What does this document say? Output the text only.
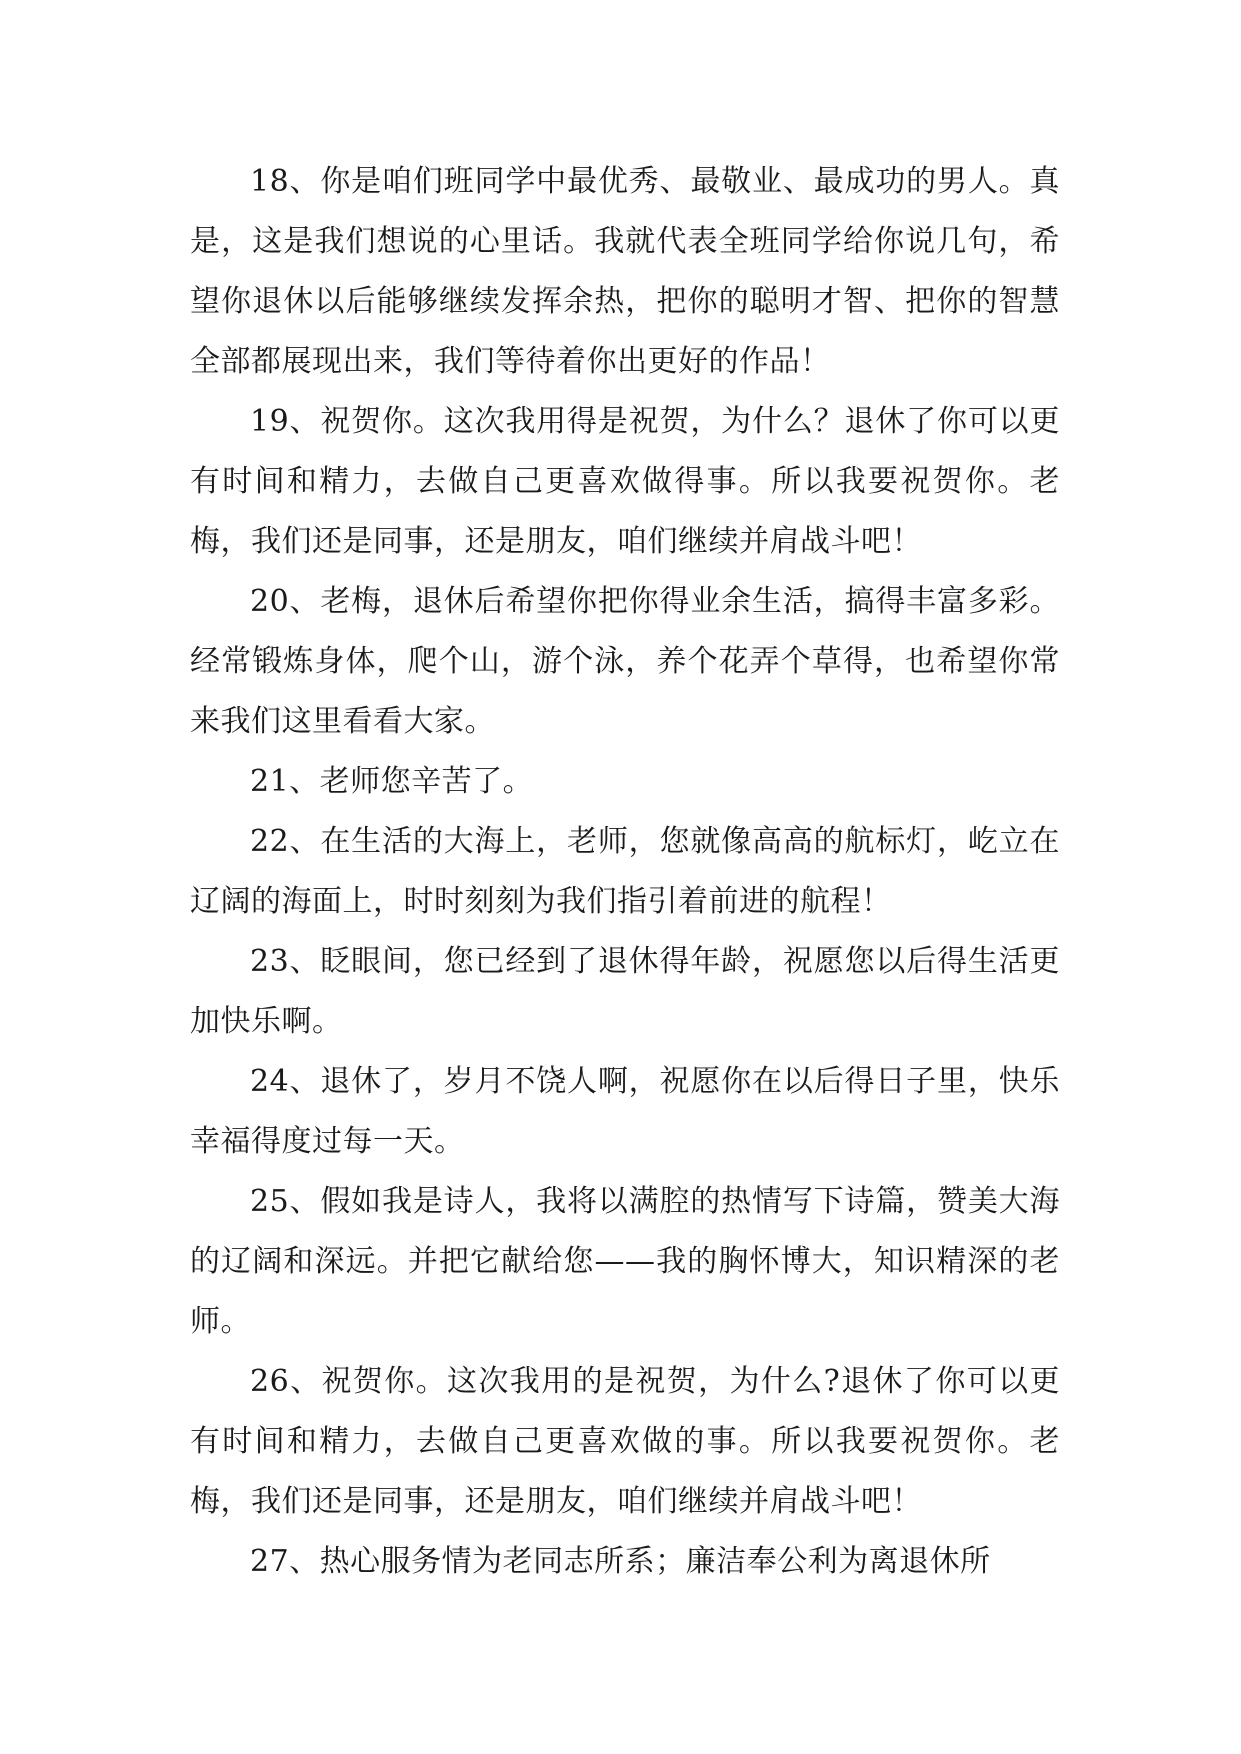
18、你是咱们班同学中最优秀、最敬业、最成功的男人。真是，这是我们想说的心里话。我就代表全班同学给你说几句，希望你退休以后能够继续发挥余热，把你的聪明才智、把你的智慧全部都展现出来，我们等待着你出更好的作品！

19、祝贺你。这次我用得是祝贺，为什么？退休了你可以更有时间和精力，去做自己更喜欢做得事。所以我要祝贺你。老梅，我们还是同事，还是朋友，咱们继续并肩战斗吧！

20、老梅，退休后希望你把你得业余生活，搞得丰富多彩。经常锻炼身体，爬个山，游个泳，养个花弄个草得，也希望你常来我们这里看看大家。

21、老师您辛苦了。

22、在生活的大海上，老师，您就像高高的航标灯，屹立在辽阔的海面上，时时刻刻为我们指引着前进的航程！

23、眨眼间，您已经到了退休得年龄，祝愿您以后得生活更加快乐啊。

24、退休了，岁月不饶人啊，祝愿你在以后得日子里，快乐幸福得度过每一天。

25、假如我是诗人，我将以满腔的热情写下诗篇，赞美大海的辽阔和深远。并把它献给您——我的胸怀博大，知识精深的老师。

26、祝贺你。这次我用的是祝贺，为什么?退休了你可以更有时间和精力，去做自己更喜欢做的事。所以我要祝贺你。老梅，我们还是同事，还是朋友，咱们继续并肩战斗吧！

27、热心服务情为老同志所系；廉洁奉公利为离退休所
